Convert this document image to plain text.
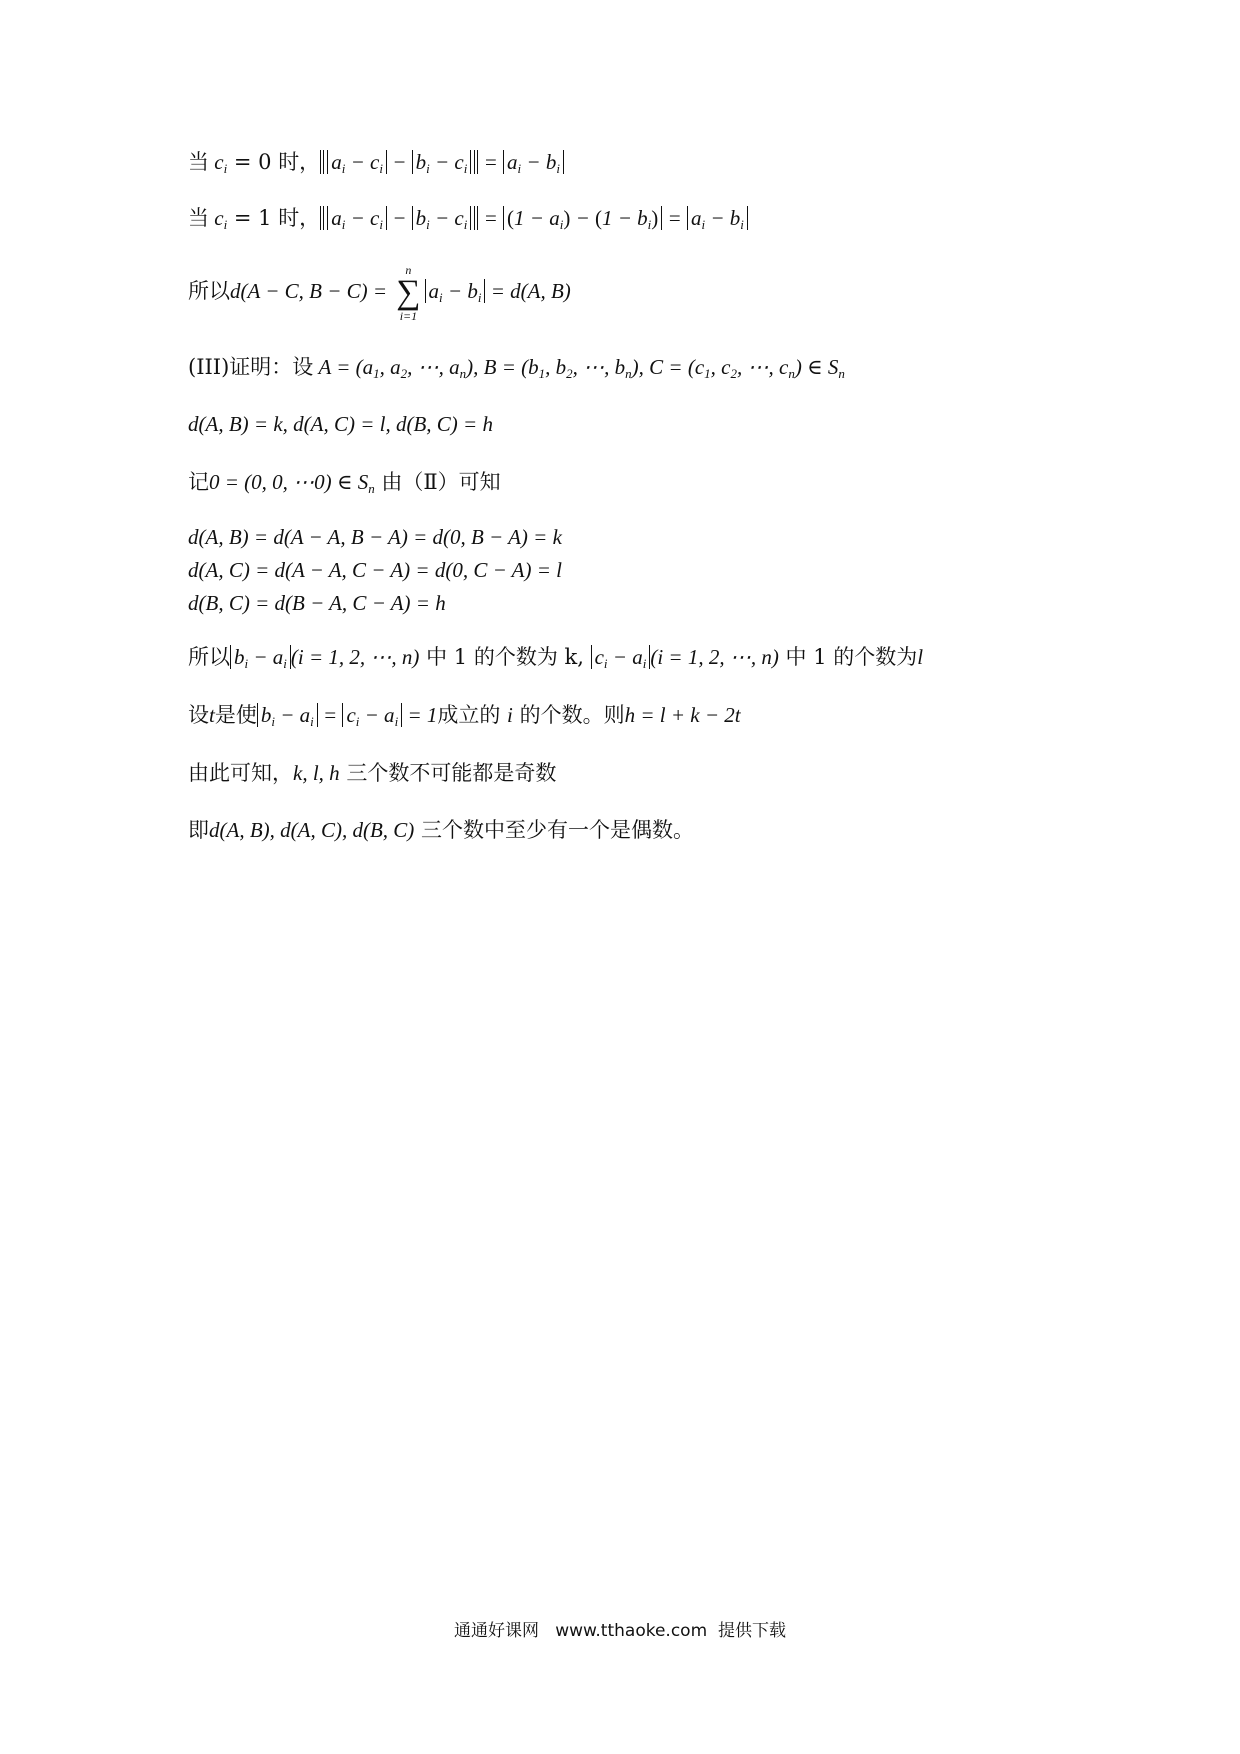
当 $c_i = 0$ 时， $a_i - c_i - b_i - c_i = a_i - b_i$
当 $c_i = 1$ 时， $a_i - c_i - b_i - c_i = (1 - a_i) - (1 - b_i) = a_i - b_i$
所以d(A − C, B − C) =
n
∑
i=1
$a_i - b_i = d(A$, B)
(III)证明：设 $A = (a_1$, $a_2$, ⋯, $a_n$), $B = (b_1$, $b_2$, ⋯, $b_n$), $C = (c_1$, $c_2$, ⋯, $c_n$) ∈ $S_n$
d(A, B) = k, d(A, C) = l, d(B, C) = h
记0 = (0, 0, ⋯0) ∈ $S_n$ 由（Ⅱ）可知
d(A, B) = d(A − A, B − A) = d(0, B − A) = k
d(A, C) = d(A − A, C − A) = d(0, C − A) = l
d(B, C) = d(B − A, C − A) = h
所以 $b_i - a_i$ (i = 1, 2, ⋯, n) 中 1 的个数为 k, $c_i - a_i$ (i = 1, 2, ⋯, n) 中 1 的个数为l
设t是使 $b_i - a_i = c_i - a_i = 1$成立的 i 的个数。则h = l + k − 2t
由此可知，k, l, h 三个数不可能都是奇数
即d(A, B), d(A, C), d(B, C) 三个数中至少有一个是偶数。
通通好课网   www.tthaoke.com  提供下载
